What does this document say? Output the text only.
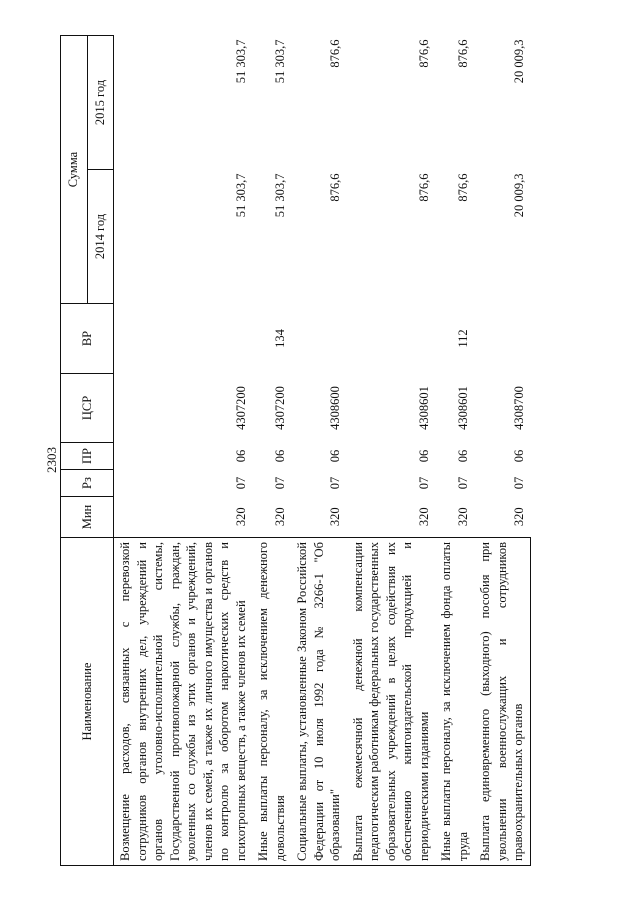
2303
Наименование	Мин	Рз	ПР	ЦСР	ВР	Сумма	
						2014 год	2015 год
Возмещение расходов, связанных с перевозкой сотрудников органов внутренних дел, учреждений и органов уголовно-исполнительной системы, Государственной противопожарной службы, граждан, уволенных со службы из этих органов и учреждений, членов их семей, а также их личного имущества и органов по контролю за оборотом наркотических средств и психотропных веществ, а также членов их семей	320	07	06	4307200		51 303,7	51 303,7
Иные выплаты персоналу, за исключением денежного довольствия	320	07	06	4307200	134	51 303,7	51 303,7
Социальные выплаты, установленные Законом Российской Федерации от 10 июля 1992 года № 3266-1 "Об образовании"	320	07	06	4308600		876,6	876,6
Выплата ежемесячной денежной компенсации педагогическим работникам федеральных государственных образовательных учреждений в целях содействия их обеспечению книгоиздательской продукцией и периодическими изданиями	320	07	06	4308601		876,6	876,6
Иные выплаты персоналу, за исключением фонда оплаты труда	320	07	06	4308601	112	876,6	876,6
Выплата единовременного (выходного) пособия при увольнении военнослужащих и сотрудников правоохранительных органов	320	07	06	4308700		20 009,3	20 009,3
